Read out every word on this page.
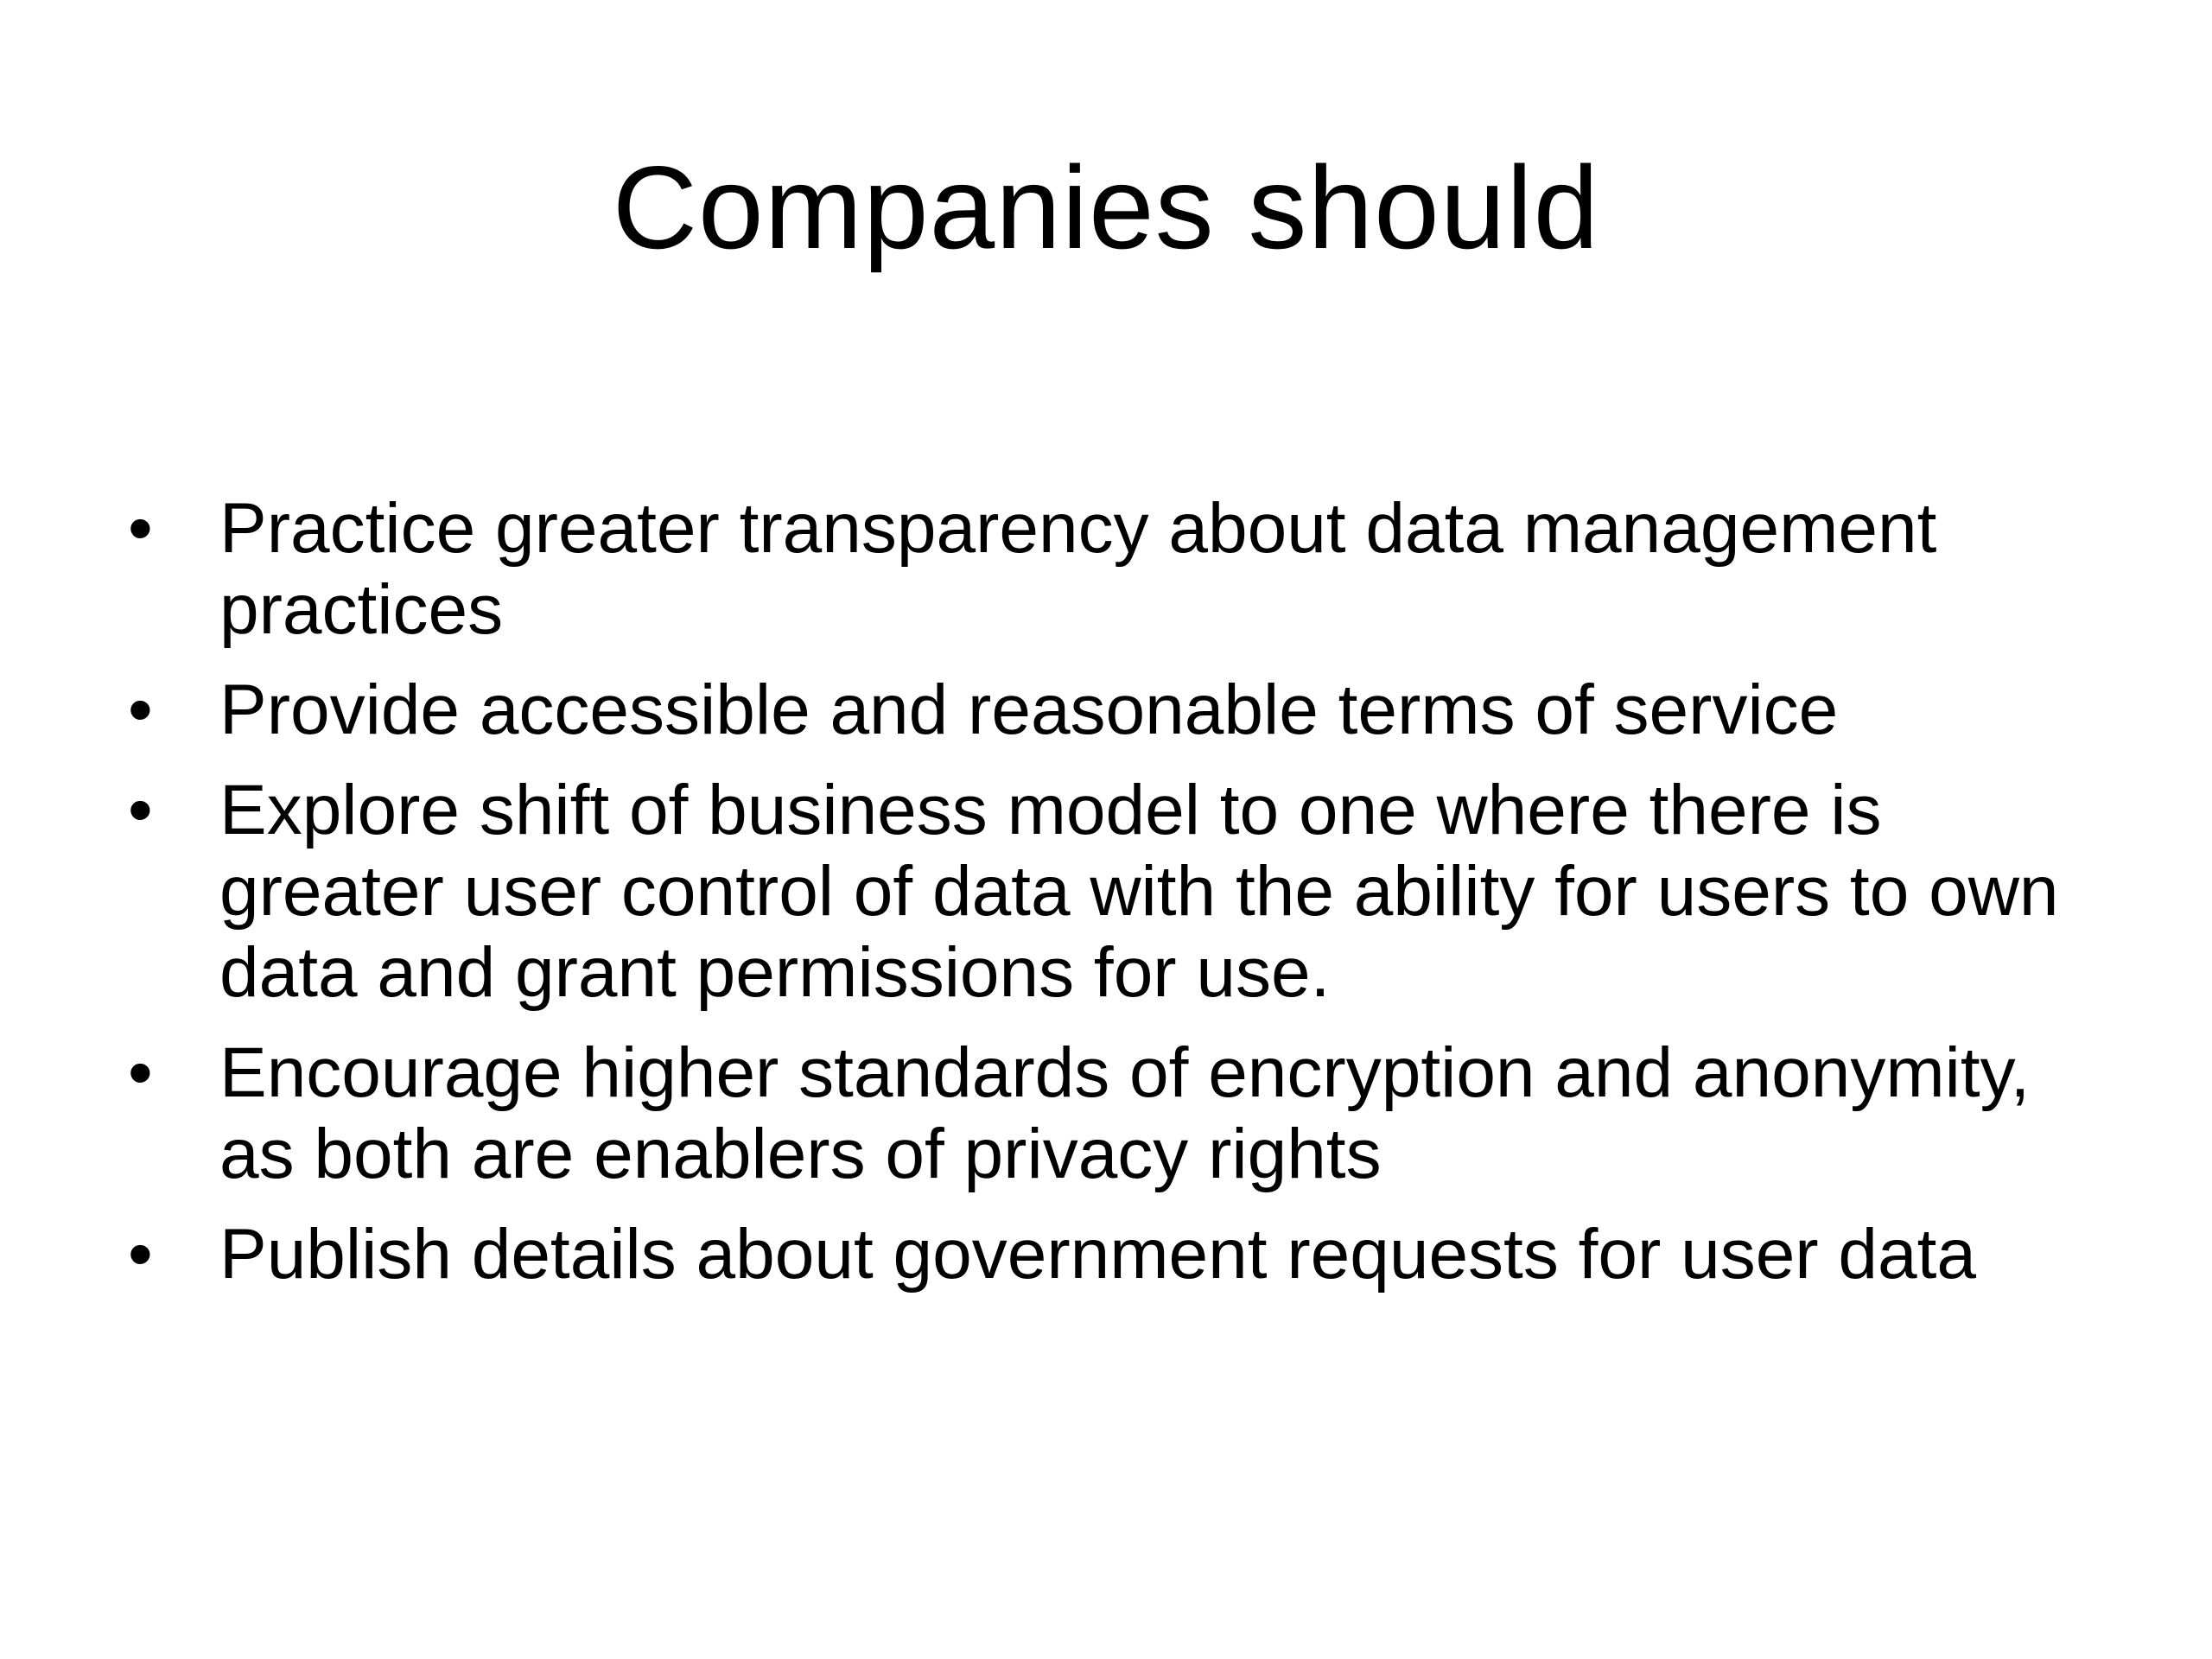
Companies should
• Practice greater transparency about data management practices
• Provide accessible and reasonable terms of service
• Explore shift of business model to one where there is greater user control of data with the ability for users to own data and grant permissions for use.
• Encourage higher standards of encryption and anonymity, as both are enablers of privacy rights
• Publish details about government requests for user data
